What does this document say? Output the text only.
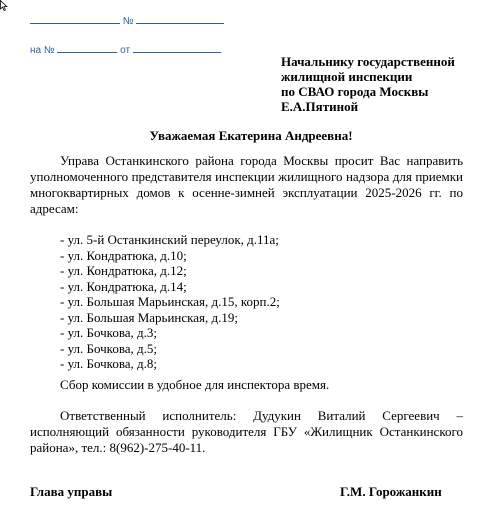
№
на №	от
Начальнику государственной
жилищной инспекции
по СВАО города Москвы
Е.А.Пятиной
Уважаемая Екатерина Андреевна!
Управа Останкинского района города Москвы просит Вас направить уполномоченного представителя инспекции жилищного надзора для приемки многоквартирных домов к осенне-зимней эксплуатации 2025-2026 гг. по адресам:
- ул. 5-й Останкинский переулок, д.11а;
- ул. Кондратюка, д.10;
- ул. Кондратюка, д.12;
- ул. Кондратюка, д.14;
- ул. Большая Марьинская, д.15, корп.2;
- ул. Большая Марьинская, д.19;
- ул. Бочкова, д.3;
- ул. Бочкова, д.5;
- ул. Бочкова, д.8;
Сбор комиссии в удобное для инспектора время.
Ответственный исполнитель: Дудукин Виталий Сергеевич – исполняющий обязанности руководителя ГБУ «Жилищник Останкинского района», тел.: 8(962)-275-40-11.
Глава управы	Г.М. Горожанкин
